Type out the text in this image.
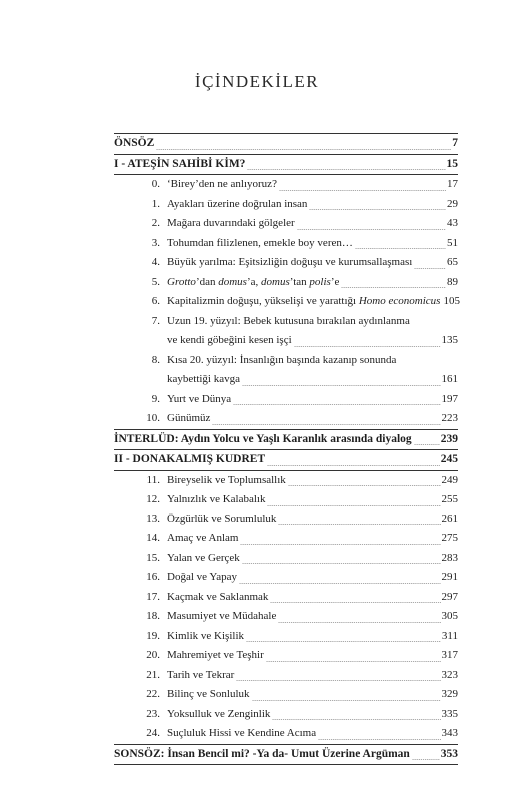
İÇİNDEKİLER
ÖNSÖZ	7
I - ATEŞİN SAHİBİ KİM?	15
0. ‘Birey’den ne anlıyoruz?	17
1. Ayakları üzerine doğrulan insan	29
2. Mağara duvarındaki gölgeler	43
3. Tohumdan filizlenen, emekle boy veren…	51
4. Büyük yarılma: Eşitsizliğin doğuşu ve kurumsallaşması	65
5. Grotto’dan domus’a, domus’tan polis’e	89
6. Kapitalizmin doğuşu, yükselişi ve yarattığı Homo economicus 105
7. Uzun 19. yüzyıl: Bebek kutusuna bırakılan aydınlanma
ve kendi göbeğini kesen işçi	135
8. Kısa 20. yüzyıl: İnsanlığın başında kazanıp sonunda
kaybettiği kavga	161
9. Yurt ve Dünya	197
10. Günümüz	223
İNTERLÜD: Aydın Yolcu ve Yaşlı Karanlık arasında diyalog	239
II - DONAKALMIŞ KUDRET	245
11. Bireyselik ve Toplumsallık	249
12. Yalnızlık ve Kalabalık	255
13. Özgürlük ve Sorumluluk	261
14. Amaç ve Anlam	275
15. Yalan ve Gerçek	283
16. Doğal ve Yapay	291
17. Kaçmak ve Saklanmak	297
18. Masumiyet ve Müdahale	305
19. Kimlik ve Kişilik	311
20. Mahremiyet ve Teşhir	317
21. Tarih ve Tekrar	323
22. Bilinç ve Sonluluk	329
23. Yoksulluk ve Zenginlik	335
24. Suçluluk Hissi ve Kendine Acıma	343
SONSÖZ: İnsan Bencil mi? -Ya da- Umut Üzerine Argüman	353
